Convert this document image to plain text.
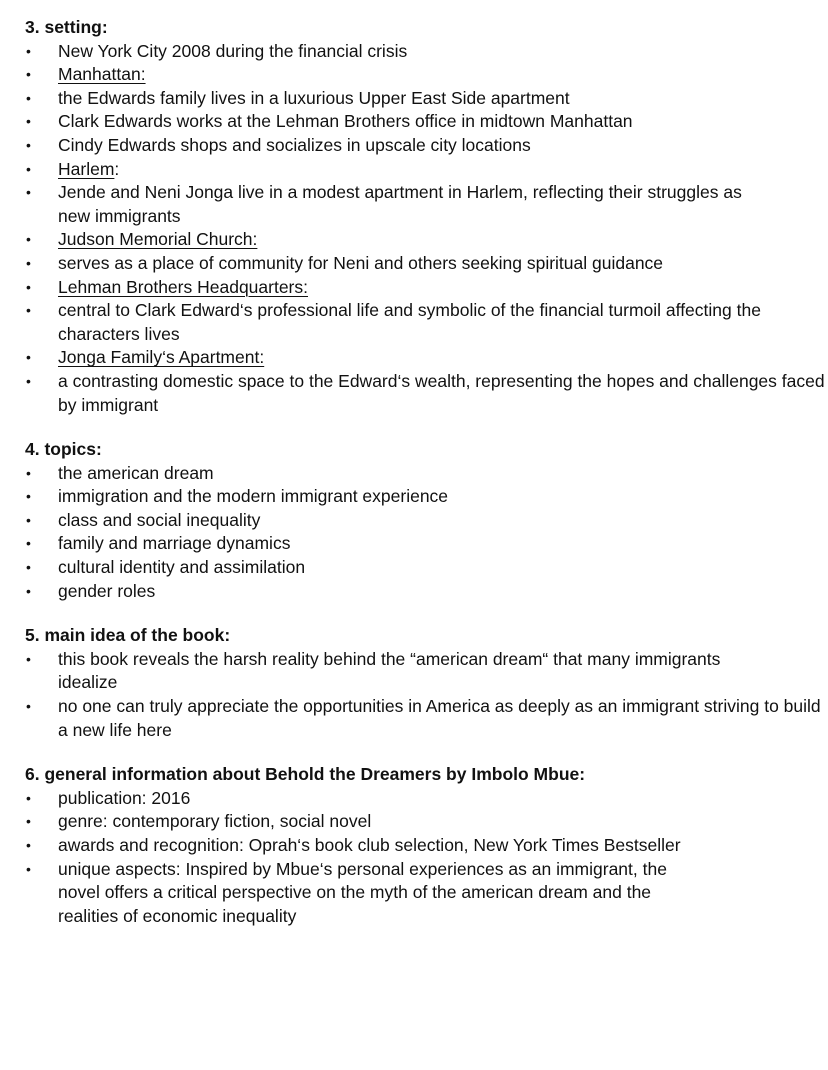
3. setting:
• New York City 2008 during the financial crisis
• Manhattan:
• the Edwards family lives in a luxurious Upper East Side apartment
• Clark Edwards works at the Lehman Brothers office in midtown Manhattan
• Cindy Edwards shops and socializes in upscale city locations
• Harlem:
• Jende and Neni Jonga live in a modest apartment in Harlem, reflecting their struggles as new immigrants
• Judson Memorial Church:
• serves as a place of community for Neni and others seeking spiritual guidance
• Lehman Brothers Headquarters:
• central to Clark Edward‘s professional life and symbolic of the financial turmoil affecting the characters lives
• Jonga Family‘s Apartment:
• a contrasting domestic space to the Edward‘s wealth, representing the hopes and challenges faced by immigrant
4. topics:
• the american dream
• immigration and the modern immigrant experience
• class and social inequality
• family and marriage dynamics
• cultural identity and assimilation
• gender roles
5. main idea of the book:
• this book reveals the harsh reality behind the “american dream“ that many immigrants idealize
• no one can truly appreciate the opportunities in America as deeply as an immigrant striving to build a new life here
6. general information about Behold the Dreamers by Imbolo Mbue:
• publication: 2016
• genre: contemporary fiction, social novel
• awards and recognition: Oprah‘s book club selection, New York Times Bestseller
• unique aspects: Inspired by Mbue‘s personal experiences as an immigrant, the novel offers a critical perspective on the myth of the american dream and the realities of economic inequality
